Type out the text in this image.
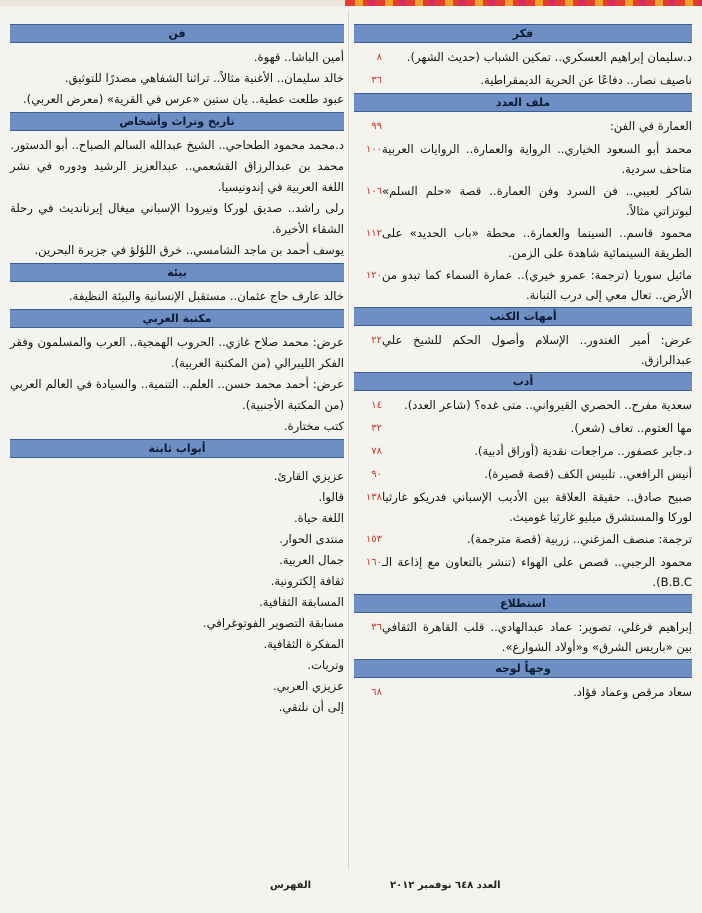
فكر
د.سليمان إبراهيم العسكري.. تمكين الشباب (حديث الشهر).
٨
ناصيف نصار.. دفاعًا عن الحرية الديمقراطية.
٣٦
ملف العدد
العمارة في الفن:
٩٩
محمد أبو السعود الخياري.. الرواية والعمارة.. الروايات العربية متاحف سردية.
١٠٠
شاكر لعيبي.. فن السرد وفن العمارة.. قصة «حلم السلم» لبوتزاتي مثالاً.
١٠٦
محمود قاسم.. السينما والعمارة.. محطة «باب الحديد» على الطريقة السينمائية شاهدة على الزمن.
١١٢
مائيل سوريا (ترجمة: عمرو خيري).. عمارة السماء كما تبدو من الأرض.. تعال معي إلى درب التبانة.
١٢٠
أمهات الكتب
عرض: أمير الغندور.. الإسلام وأصول الحكم للشيخ علي عبدالرازق.
٢٢
أدب
سعدية مفرح.. الحصري القيرواني.. متى غده؟ (شاعر العدد).
١٤
مها العتوم.. تعاف (شعر).
٣٢
د.جابر عصفور.. مراجعات نقدية (أوراق أدبية).
٧٨
أنيس الرافعي.. تلبيس الكف (قصة قصيرة).
٩٠
صبيح صادق.. حقيقة العلاقة بين الأديب الإسباني فدريكو غارثيا لوركا والمستشرق ميليو غارثيا غوميث.
١٣٨
ترجمة: منصف المزغني.. زربية (قصة مترجمة).
١٥٣
محمود الرجبي.. قصص على الهواء (تنشر بالتعاون مع إذاعة الـ B.B.C).
١٦٠
استطلاع
إبراهيم فرغلي، تصوير: عماد عبدالهادي.. قلب القاهرة الثقافي بين «باريس الشرق» و«أولاد الشوارع».
٣٦
وجهاً لوجه
سعاد مرقص وعماد فؤاد.
٦٨
فن
أمين الباشا.. قهوة.
خالد سليمان.. الأغنية مثالاً.. تراثنا الشفاهي مصدرًا للتوثيق.
عبود طلعت عطية.. يان ستين «عرس في القرية» (معرض العربي).
تاريخ وتراث وأشخاص
د.محمد محمود الطحاحي.. الشيخ عبدالله السالم الصباح.. أبو الدستور.
محمد بن عبدالرزاق القشعمي.. عبدالعزيز الرشيد ودوره في نشر اللغة العربية في إندونيسيا.
رلى راشد.. صديق لوركا ونيرودا الإسباني ميغال إيرنانديث في رحلة الشقاء الأخيرة.
يوسف أحمد بن ماجد الشامسي.. خرق اللؤلؤ في جزيرة البحرين.
بيئة
خالد عارف حاج عثمان.. مستقبل الإنسانية والبيئة النظيفة.
مكتبة العربي
عرض: محمد صلاح غازي.. الحروب الهمجية.. العرب والمسلمون وفقر الفكر الليبرالي (من المكتبة العربية).
عرض: أحمد محمد حسن.. العلم.. التنمية.. والسيادة في العالم العربي (من المكتبة الأجنبية).
كتب مختارة.
أبواب ثابتة
عزيزي القارئ.
قالوا.
اللغة حياة.
منتدى الحوار.
جمال العربية.
ثقافة إلكترونية.
المسابقة الثقافية.
مسابقة التصوير الفوتوغرافي.
المفكرة الثقافية.
وتريات.
عزيزي العربي.
إلى أن نلتقي.
العدد ٦٤٨ نوفمبر ٢٠١٢
الفهرس
